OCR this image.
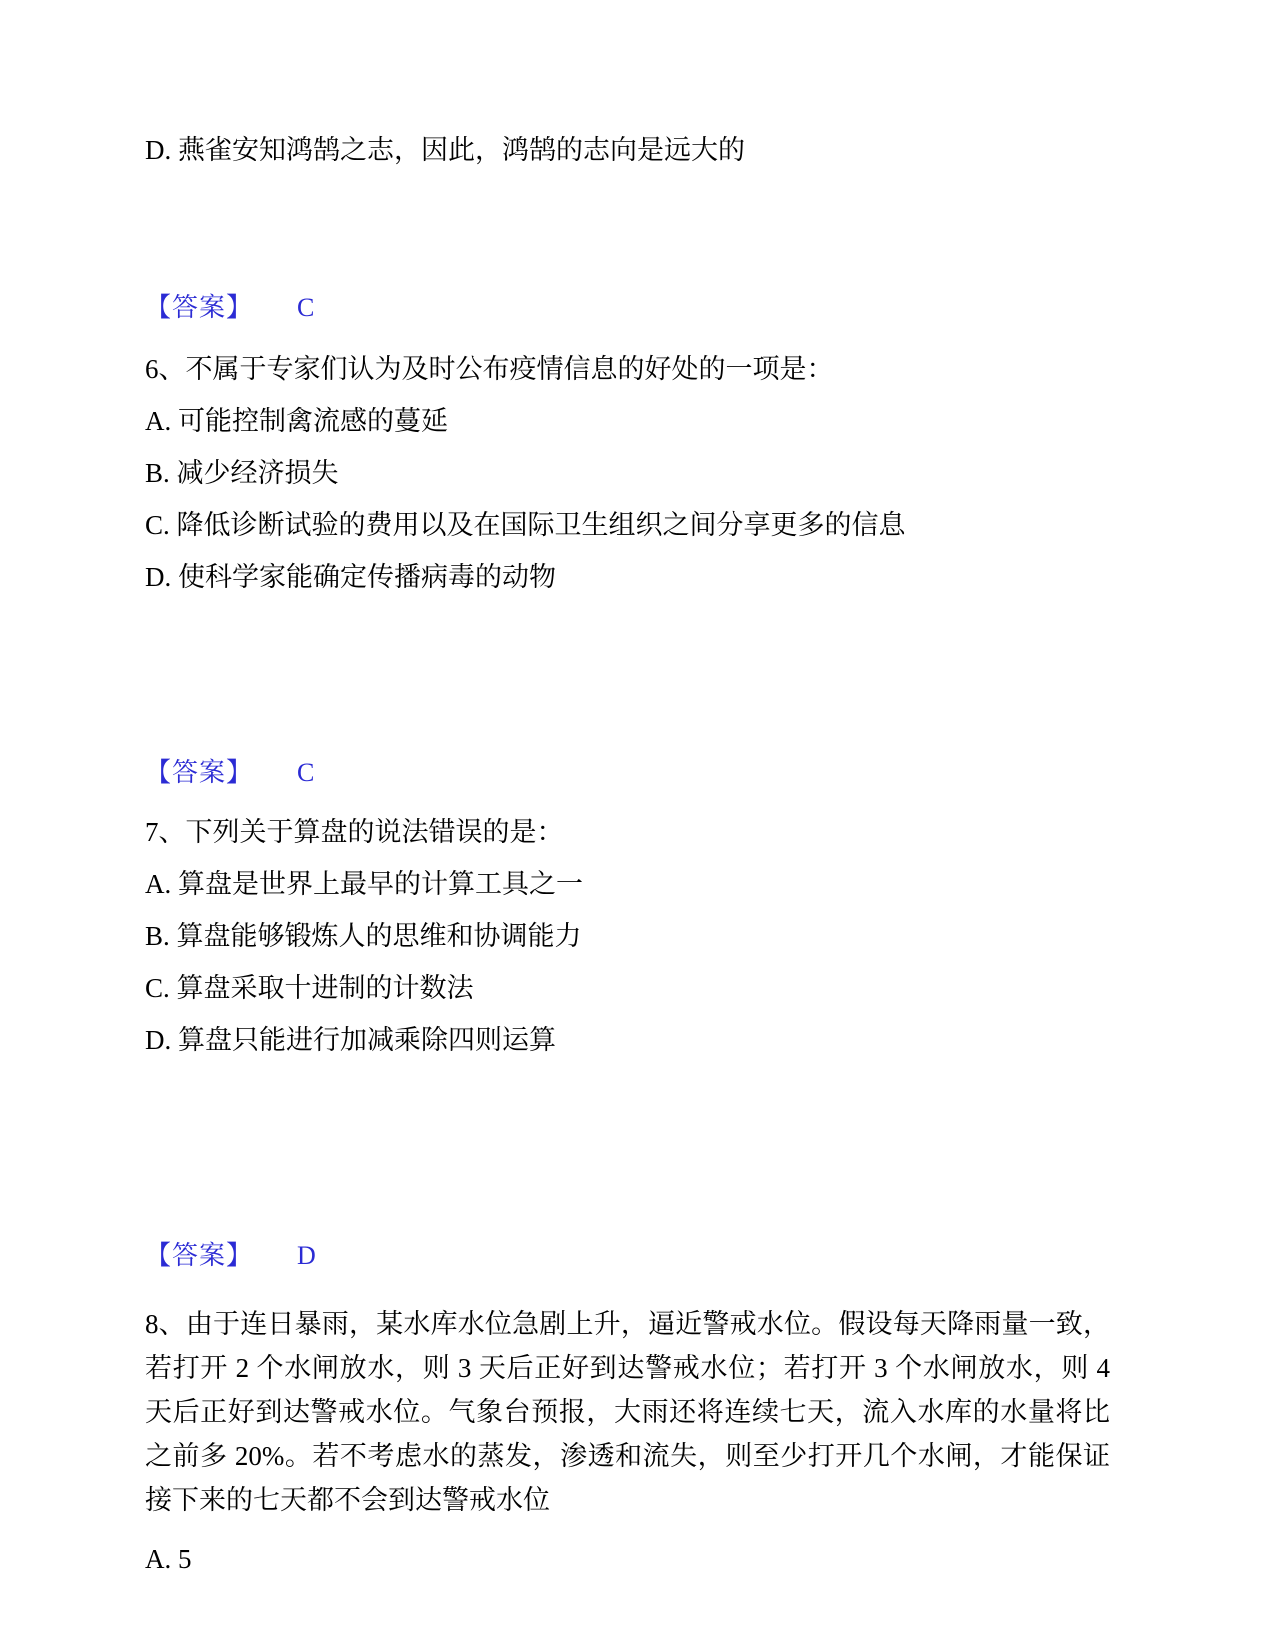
D. 燕雀安知鸿鹄之志，因此，鸿鹄的志向是远大的
【答案】 C
6、不属于专家们认为及时公布疫情信息的好处的一项是：
A. 可能控制禽流感的蔓延
B. 减少经济损失
C. 降低诊断试验的费用以及在国际卫生组织之间分享更多的信息
D. 使科学家能确定传播病毒的动物
【答案】 C
7、下列关于算盘的说法错误的是：
A. 算盘是世界上最早的计算工具之一
B. 算盘能够锻炼人的思维和协调能力
C. 算盘采取十进制的计数法
D. 算盘只能进行加减乘除四则运算
【答案】 D
8、由于连日暴雨，某水库水位急剧上升，逼近警戒水位。假设每天降雨量一致，若打开 2 个水闸放水，则 3 天后正好到达警戒水位；若打开 3 个水闸放水，则 4 天后正好到达警戒水位。气象台预报，大雨还将连续七天，流入水库的水量将比之前多 20%。若不考虑水的蒸发，渗透和流失，则至少打开几个水闸，才能保证接下来的七天都不会到达警戒水位
A. 5
